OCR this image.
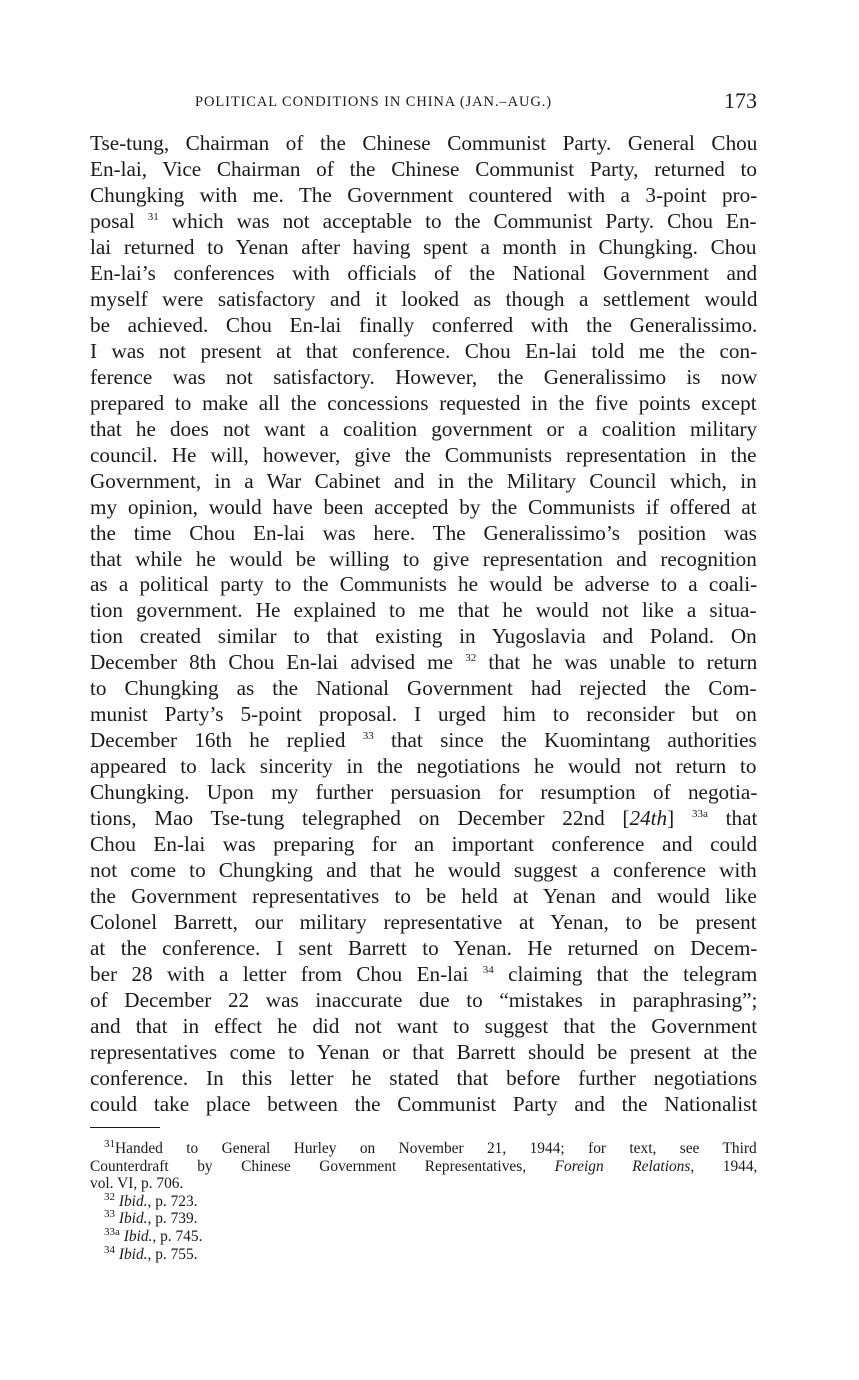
POLITICAL CONDITIONS IN CHINA (JAN.–AUG.)	173
Tse-tung, Chairman of the Chinese Communist Party. General Chou
En-lai, Vice Chairman of the Chinese Communist Party, returned to
Chungking with me. The Government countered with a 3-point pro-
posal $^{31}$ which was not acceptable to the Communist Party. Chou En-
lai returned to Yenan after having spent a month in Chungking. Chou
En-lai’s conferences with officials of the National Government and
myself were satisfactory and it looked as though a settlement would
be achieved. Chou En-lai finally conferred with the Generalissimo.
I was not present at that conference. Chou En-lai told me the con-
ference was not satisfactory. However, the Generalissimo is now
prepared to make all the concessions requested in the five points except
that he does not want a coalition government or a coalition military
council. He will, however, give the Communists representation in the
Government, in a War Cabinet and in the Military Council which, in
my opinion, would have been accepted by the Communists if offered at
the time Chou En-lai was here. The Generalissimo’s position was
that while he would be willing to give representation and recognition
as a political party to the Communists he would be adverse to a coali-
tion government. He explained to me that he would not like a situa-
tion created similar to that existing in Yugoslavia and Poland. On
December 8th Chou En-lai advised me $^{32}$ that he was unable to return
to Chungking as the National Government had rejected the Com-
munist Party’s 5-point proposal. I urged him to reconsider but on
December 16th he replied $^{33}$ that since the Kuomintang authorities
appeared to lack sincerity in the negotiations he would not return to
Chungking. Upon my further persuasion for resumption of negotia-
tions, Mao Tse-tung telegraphed on December 22nd [24th] $^{33a}$ that
Chou En-lai was preparing for an important conference and could
not come to Chungking and that he would suggest a conference with
the Government representatives to be held at Yenan and would like
Colonel Barrett, our military representative at Yenan, to be present
at the conference. I sent Barrett to Yenan. He returned on Decem-
ber 28 with a letter from Chou En-lai $^{34}$ claiming that the telegram
of December 22 was inaccurate due to “mistakes in paraphrasing”;
and that in effect he did not want to suggest that the Government
representatives come to Yenan or that Barrett should be present at the
conference. In this letter he stated that before further negotiations
could take place between the Communist Party and the Nationalist
$^{31}$Handed to General Hurley on November 21, 1944; for text, see Third
Counterdraft by Chinese Government Representatives, Foreign Relations, 1944,
vol. VI, p. 706.
$^{32}$ Ibid., p. 723.
$^{33}$ Ibid., p. 739.
$^{33a}$ Ibid., p. 745.
$^{34}$ Ibid., p. 755.
